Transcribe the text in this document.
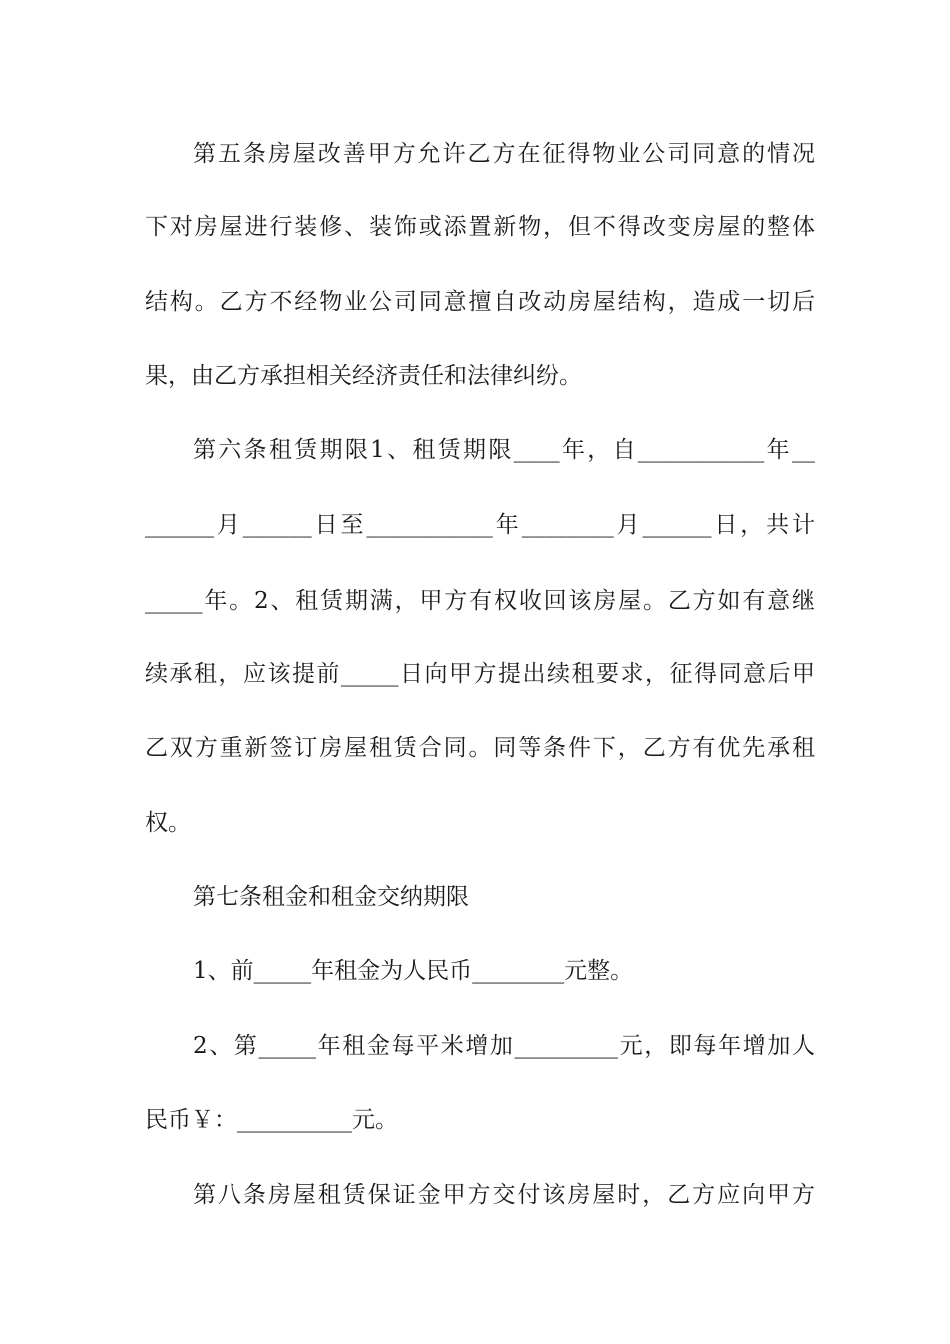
第五条房屋改善甲方允许乙方在征得物业公司同意的情况
下对房屋进行装修、装饰或添置新物，但不得改变房屋的整体
结构。乙方不经物业公司同意擅自改动房屋结构，造成一切后
果，由乙方承担相关经济责任和法律纠纷。
第六条租赁期限1、租赁期限____年，自___________年__
______月______日至___________年________月______日，共计
_____年。2、租赁期满，甲方有权收回该房屋。乙方如有意继
续承租，应该提前_____日向甲方提出续租要求，征得同意后甲
乙双方重新签订房屋租赁合同。同等条件下，乙方有优先承租
权。
第七条租金和租金交纳期限
1、前_____年租金为人民币________元整。
2、第_____年租金每平米增加_________元，即每年增加人
民币￥：__________元。
第八条房屋租赁保证金甲方交付该房屋时，乙方应向甲方
